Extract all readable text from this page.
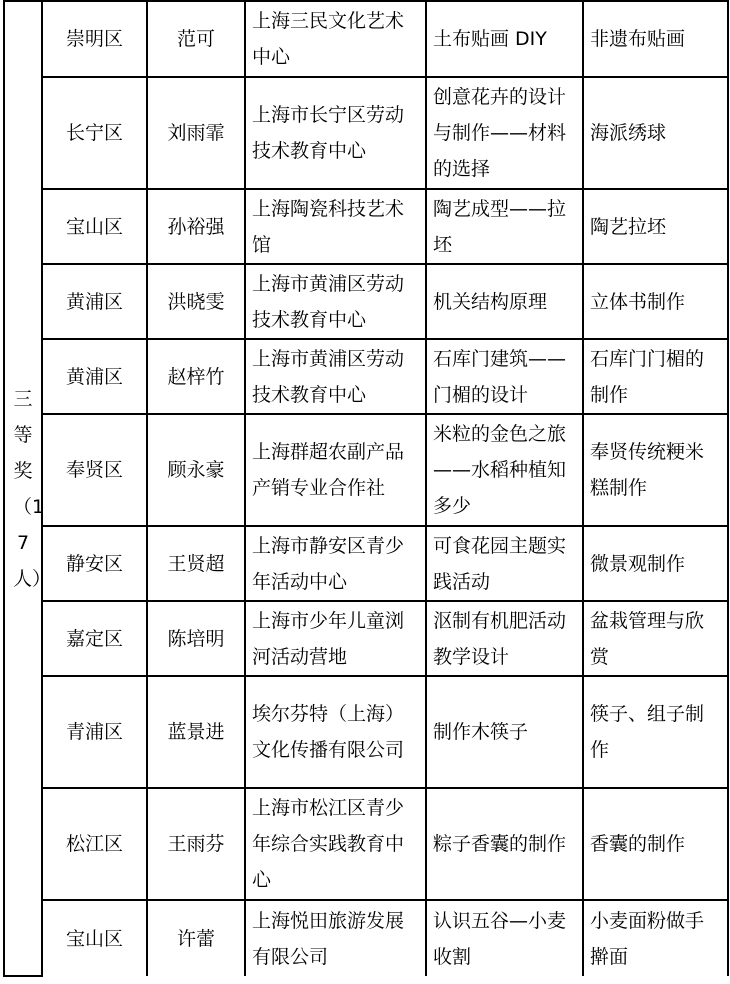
三等奖（17人）	崇明区	范可	上海三民文化艺术中心	土布贴画 DIY	非遗布贴画
	长宁区	刘雨霏	上海市长宁区劳动技术教育中心	创意花卉的设计与制作——材料的选择	海派绣球
	宝山区	孙裕强	上海陶瓷科技艺术馆	陶艺成型——拉坯	陶艺拉坯
	黄浦区	洪晓雯	上海市黄浦区劳动技术教育中心	机关结构原理	立体书制作
	黄浦区	赵梓竹	上海市黄浦区劳动技术教育中心	石库门建筑——门楣的设计	石库门门楣的制作
	奉贤区	顾永豪	上海群超农副产品产销专业合作社	米粒的金色之旅——水稻种植知多少	奉贤传统粳米糕制作
	静安区	王贤超	上海市静安区青少年活动中心	可食花园主题实践活动	微景观制作
	嘉定区	陈培明	上海市少年儿童浏河活动营地	沤制有机肥活动教学设计	盆栽管理与欣赏
	青浦区	蓝景进	埃尔芬特（上海）文化传播有限公司	制作木筷子	筷子、组子制作
	松江区	王雨芬	上海市松江区青少年综合实践教育中心	粽子香囊的制作	香囊的制作
	宝山区	许蕾	上海悦田旅游发展有限公司	认识五谷—小麦收割	小麦面粉做手擀面
